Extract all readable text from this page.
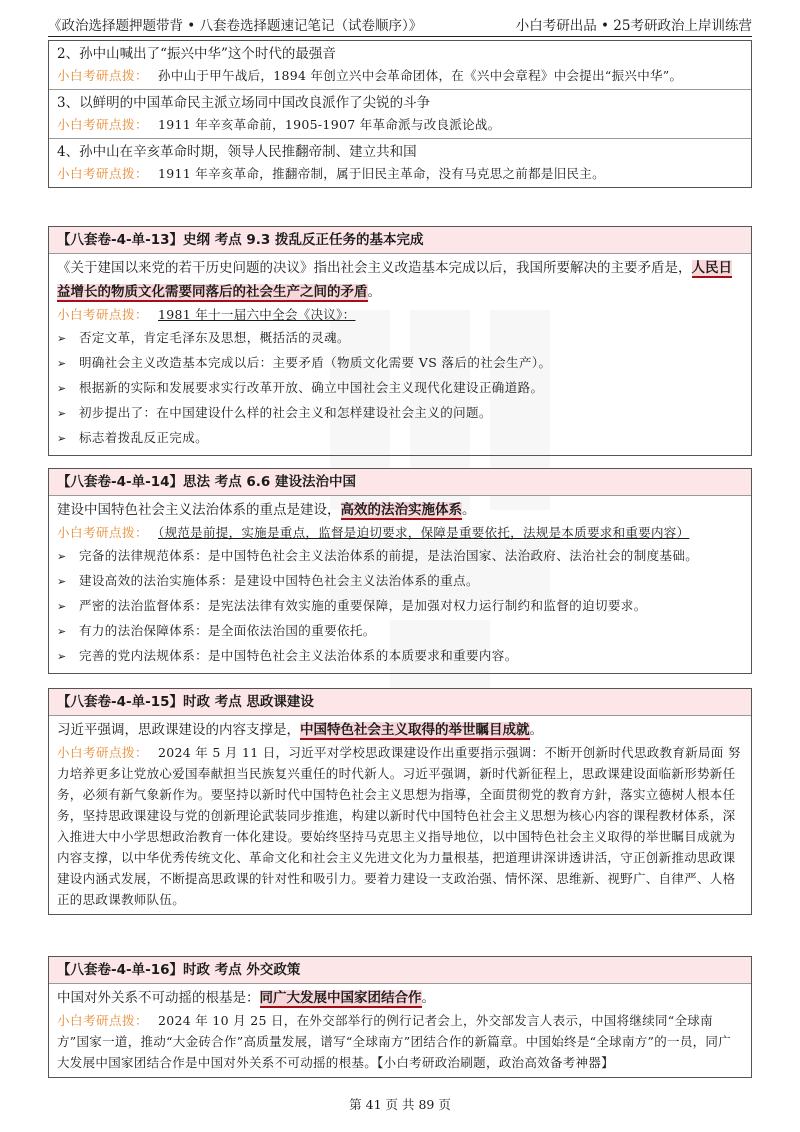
《政治选择题押题带背 • 八套卷选择题速记笔记（试卷顺序）》	小白考研出品 • 25考研政治上岸训练营
2、孙中山喊出了“振兴中华”这个时代的最强音
小白考研点拨： 孙中山于甲午战后，1894 年创立兴中会革命团体，在《兴中会章程》中会提出“振兴中华”。
3、以鲜明的中国革命民主派立场同中国改良派作了尖锐的斗争
小白考研点拨： 1911 年辛亥革命前，1905-1907 年革命派与改良派论战。
4、孙中山在辛亥革命时期，领导人民推翻帝制、建立共和国
小白考研点拨： 1911 年辛亥革命，推翻帝制，属于旧民主革命，没有马克思之前都是旧民主。
【八套卷-4-单-13】史纲 考点 9.3 拨乱反正任务的基本完成
《关于建国以来党的若干历史问题的决议》指出社会主义改造基本完成以后，我国所要解决的主要矛盾是，人民日益增长的物质文化需要同落后的社会生产之间的矛盾。
小白考研点拨： 1981 年十一届六中全会《决议》：
➢ 否定文革，肯定毛泽东及思想，概括活的灵魂。
➢ 明确社会主义改造基本完成以后：主要矛盾（物质文化需要 VS 落后的社会生产）。
➢ 根据新的实际和发展要求实行改革开放、确立中国社会主义现代化建设正确道路。
➢ 初步提出了：在中国建设什么样的社会主义和怎样建设社会主义的问题。
➢ 标志着拨乱反正完成。
【八套卷-4-单-14】思法 考点 6.6 建设法治中国
建设中国特色社会主义法治体系的重点是建设，高效的法治实施体系。
小白考研点拨： （规范是前提，实施是重点，监督是迫切要求，保障是重要依托，法规是本质要求和重要内容）
➢ 完备的法律规范体系：是中国特色社会主义法治体系的前提，是法治国家、法治政府、法治社会的制度基础。
➢ 建设高效的法治实施体系：是建设中国特色社会主义法治体系的重点。
➢ 严密的法治监督体系：是宪法法律有效实施的重要保障，是加强对权力运行制约和监督的迫切要求。
➢ 有力的法治保障体系：是全面依法治国的重要依托。
➢ 完善的党内法规体系：是中国特色社会主义法治体系的本质要求和重要内容。
【八套卷-4-单-15】时政 考点 思政课建设
习近平强调，思政课建设的内容支撑是，中国特色社会主义取得的举世瞩目成就。
小白考研点拨： 2024 年 5 月 11 日，习近平对学校思政课建设作出重要指示强调：不断开创新时代思政教育新局面 努力培养更多让党放心爱国奉献担当民族复兴重任的时代新人。习近平强调，新时代新征程上，思政课建设面临新形势新任务，必须有新气象新作为。要坚持以新时代中国特色社会主义思想为指導，全面贯彻党的教育方針，落实立德树人根本任务，坚持思政课建设与党的创新理论武装同步推進，构建以新时代中国特色社会主义思想为核心内容的课程教材体系，深入推进大中小学思想政治教育一体化建设。要始终坚持马克思主义指导地位，以中国特色社会主义取得的举世瞩目成就为内容支撑，以中华优秀传统文化、革命文化和社会主义先进文化为力量根基，把道理讲深讲透讲活，守正创新推动思政课建设内涵式发展，不断提高思政课的针对性和吸引力。要着力建设一支政治强、情怀深、思维新、视野广、自律严、人格正的思政课教师队伍。
【八套卷-4-单-16】时政 考点 外交政策
中国对外关系不可动摇的根基是：同广大发展中国家团结合作。
小白考研点拨： 2024 年 10 月 25 日，在外交部举行的例行记者会上，外交部发言人表示，中国将继续同“全球南方”国家一道，推动“大金砖合作”高质量发展，谱写“全球南方”团结合作的新篇章。中国始终是“全球南方”的一员，同广大发展中国家团结合作是中国对外关系不可动摇的根基。【小白考研政治刷题，政治高效备考神器】
第 41 页 共 89 页
